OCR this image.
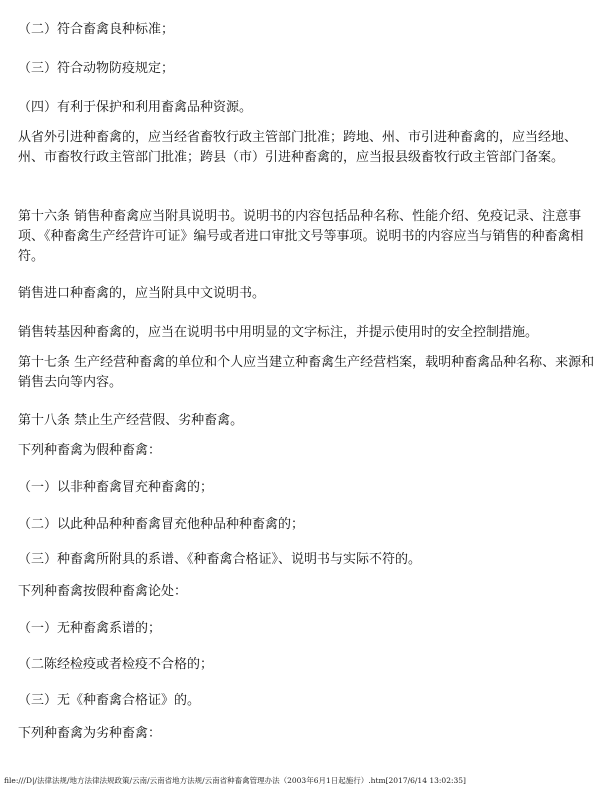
（二）符合畜禽良种标准；
（三）符合动物防疫规定；
（四）有利于保护和利用畜禽品种资源。
从省外引进种畜禽的，应当经省畜牧行政主管部门批准；跨地、州、市引进种畜禽的，应当经地、州、市畜牧行政主管部门批准；跨县（市）引进种畜禽的，应当报县级畜牧行政主管部门备案。
第十六条 销售种畜禽应当附具说明书。说明书的内容包括品种名称、性能介绍、免疫记录、注意事项、《种畜禽生产经营许可证》编号或者进口审批文号等事项。说明书的内容应当与销售的种畜禽相符。
销售进口种畜禽的，应当附具中文说明书。
销售转基因种畜禽的，应当在说明书中用明显的文字标注，并提示使用时的安全控制措施。
第十七条 生产经营种畜禽的单位和个人应当建立种畜禽生产经营档案，载明种畜禽品种名称、来源和销售去向等内容。
第十八条 禁止生产经营假、劣种畜禽。
下列种畜禽为假种畜禽：
（一）以非种畜禽冒充种畜禽的；
（二）以此种品种种畜禽冒充他种品种种畜禽的；
（三）种畜禽所附具的系谱、《种畜禽合格证》、说明书与实际不符的。
下列种畜禽按假种畜禽论处：
（一）无种畜禽系谱的；
（二陈经检疫或者检疫不合格的；
（三）无《种畜禽合格证》的。
下列种畜禽为劣种畜禽：
file:///D|/法律法规/地方法律法规政策/云南/云南省地方法规/云南省种畜禽管理办法（2003年6月1日起施行）.htm[2017/6/14 13:02:35]
